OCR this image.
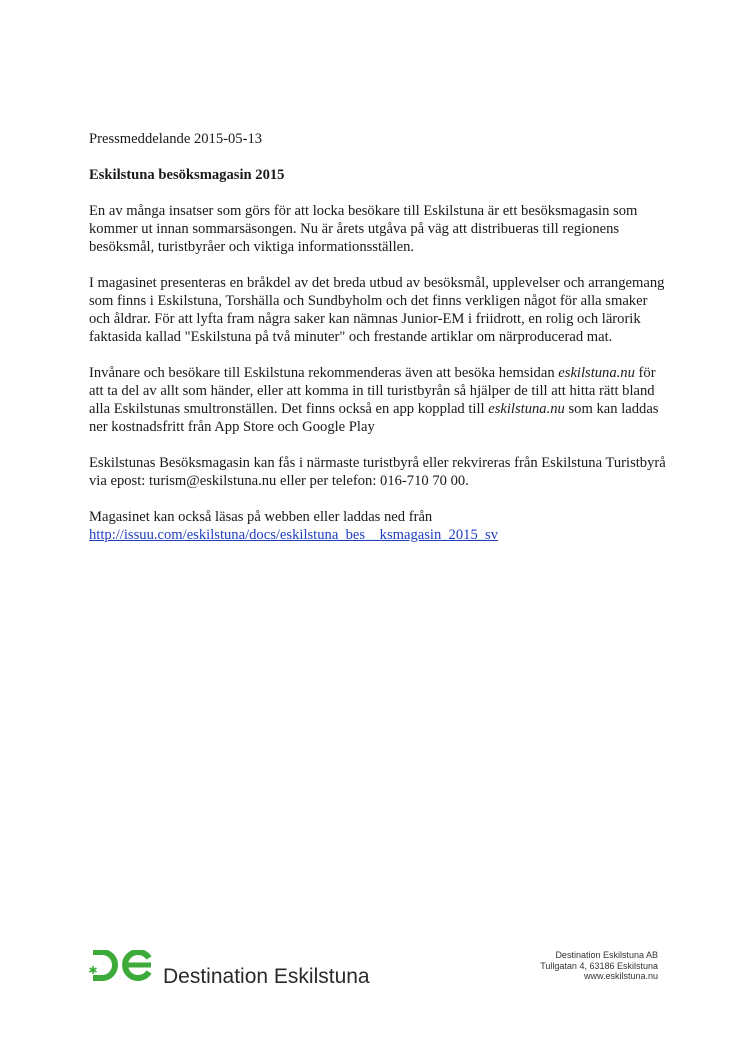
Pressmeddelande 2015-05-13

Eskilstuna besöksmagasin 2015

En av många insatser som görs för att locka besökare till Eskilstuna är ett besöksmagasin som kommer ut innan sommarsäsongen. Nu är årets utgåva på väg att distribueras till regionens besöksmål, turistbyråer och viktiga informationsställen.

I magasinet presenteras en bråkdel av det breda utbud av besöksmål, upplevelser och arrangemang som finns i Eskilstuna, Torshälla och Sundbyholm och det finns verkligen något för alla smaker och åldrar. För att lyfta fram några saker kan nämnas Junior-EM i friidrott, en rolig och lärorik faktasida kallad "Eskilstuna på två minuter" och frestande artiklar om närproducerad mat.

Invånare och besökare till Eskilstuna rekommenderas även att besöka hemsidan eskilstuna.nu för att ta del av allt som händer, eller att komma in till turistbyrån så hjälper de till att hitta rätt bland alla Eskilstunas smultronställen. Det finns också en app kopplad till eskilstuna.nu som kan laddas ner kostnadsfritt från App Store och Google Play

Eskilstunas Besöksmagasin kan fås i närmaste turistbyrå eller rekvireras från Eskilstuna Turistbyrå via epost: turism@eskilstuna.nu eller per telefon: 016-710 70 00.

Magasinet kan också läsas på webben eller laddas ned från
http://issuu.com/eskilstuna/docs/eskilstuna_bes__ksmagasin_2015_sv

Destination Eskilstuna
Destination Eskilstuna AB
Tullgatan 4, 63186 Eskilstuna
www.eskilstuna.nu
